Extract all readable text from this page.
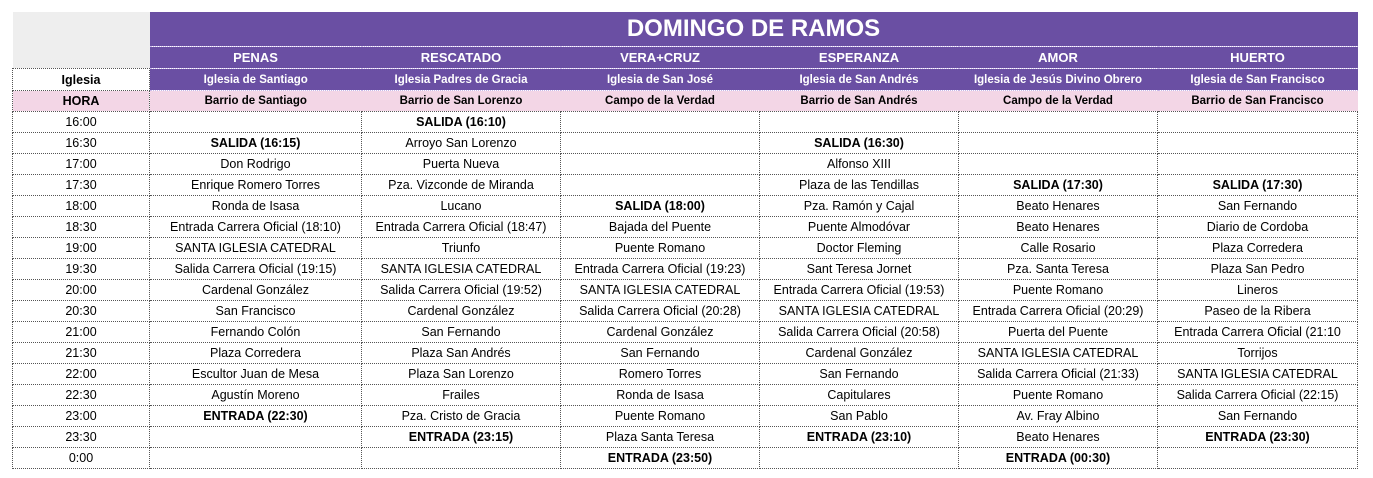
	DOMINGO DE RAMOS					
	PENAS	RESCATADO	VERA+CRUZ	ESPERANZA	AMOR	HUERTO
Iglesia	Iglesia de Santiago	Iglesia Padres de Gracia	Iglesia de San José	Iglesia de San Andrés	Iglesia de Jesús Divino Obrero	Iglesia de San Francisco
HORA	Barrio de Santiago	Barrio de San Lorenzo	Campo de la Verdad	Barrio de San Andrés	Campo de la Verdad	Barrio de San Francisco
16:00		SALIDA (16:10)				
16:30	SALIDA (16:15)	Arroyo San Lorenzo		SALIDA (16:30)		
17:00	Don Rodrigo	Puerta Nueva		Alfonso XIII		
17:30	Enrique Romero Torres	Pza. Vizconde de Miranda		Plaza de las Tendillas	SALIDA (17:30)	SALIDA (17:30)
18:00	Ronda de Isasa	Lucano	SALIDA (18:00)	Pza. Ramón y Cajal	Beato Henares	San Fernando
18:30	Entrada Carrera Oficial (18:10)	Entrada Carrera Oficial (18:47)	Bajada del Puente	Puente Almodóvar	Beato Henares	Diario de Cordoba
19:00	SANTA IGLESIA CATEDRAL	Triunfo	Puente Romano	Doctor Fleming	Calle Rosario	Plaza Corredera
19:30	Salida Carrera Oficial (19:15)	SANTA IGLESIA CATEDRAL	Entrada Carrera Oficial (19:23)	Sant Teresa Jornet	Pza. Santa Teresa	Plaza San Pedro
20:00	Cardenal González	Salida Carrera Oficial (19:52)	SANTA IGLESIA CATEDRAL	Entrada Carrera Oficial (19:53)	Puente Romano	Lineros
20:30	San Francisco	Cardenal González	Salida Carrera Oficial (20:28)	SANTA IGLESIA CATEDRAL	Entrada Carrera Oficial (20:29)	Paseo de la Ribera
21:00	Fernando Colón	San Fernando	Cardenal González	Salida Carrera Oficial (20:58)	Puerta del Puente	Entrada Carrera Oficial (21:10
21:30	Plaza Corredera	Plaza San Andrés	San Fernando	Cardenal González	SANTA IGLESIA CATEDRAL	Torrijos
22:00	Escultor Juan de Mesa	Plaza San Lorenzo	Romero Torres	San Fernando	Salida Carrera Oficial (21:33)	SANTA IGLESIA CATEDRAL
22:30	Agustín Moreno	Frailes	Ronda de Isasa	Capitulares	Puente Romano	Salida Carrera Oficial (22:15)
23:00	ENTRADA (22:30)	Pza. Cristo de Gracia	Puente Romano	San Pablo	Av. Fray Albino	San Fernando
23:30		ENTRADA (23:15)	Plaza Santa Teresa	ENTRADA (23:10)	Beato Henares	ENTRADA (23:30)
0:00			ENTRADA (23:50)		ENTRADA (00:30)	
